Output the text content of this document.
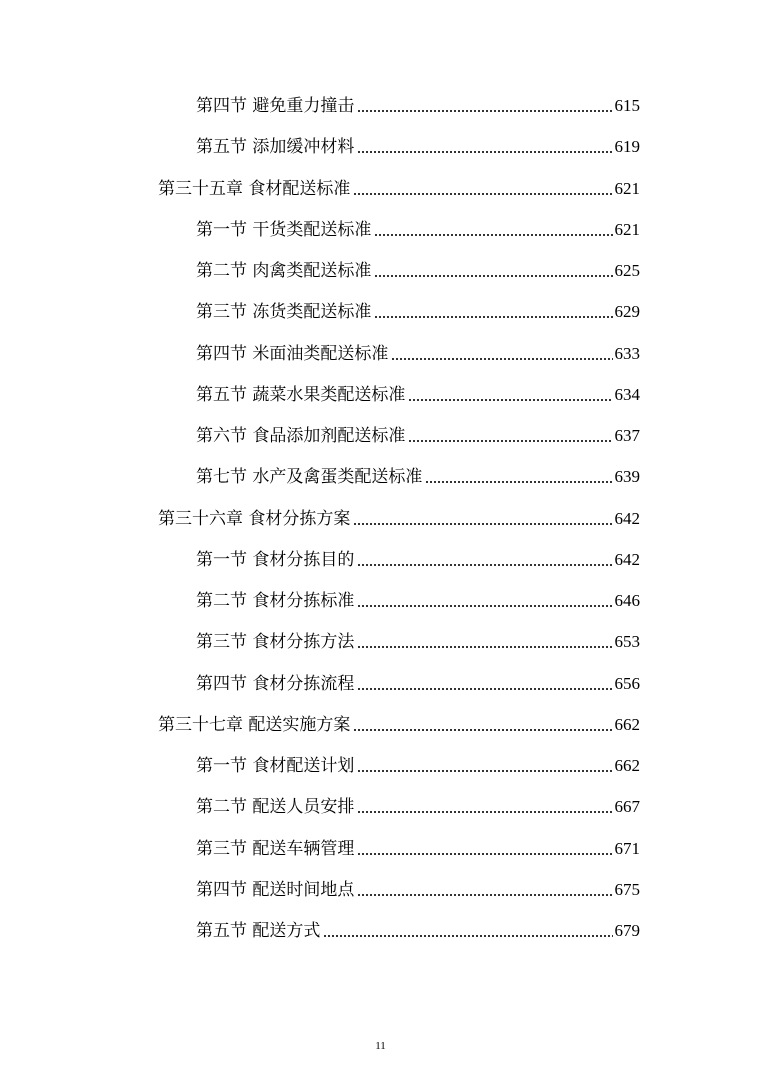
第四节 避免重力撞击	615
第五节 添加缓冲材料	619
第三十五章 食材配送标准	621
第一节 干货类配送标准	621
第二节 肉禽类配送标准	625
第三节 冻货类配送标准	629
第四节 米面油类配送标准	633
第五节 蔬菜水果类配送标准	634
第六节 食品添加剂配送标准	637
第七节 水产及禽蛋类配送标准	639
第三十六章 食材分拣方案	642
第一节 食材分拣目的	642
第二节 食材分拣标准	646
第三节 食材分拣方法	653
第四节 食材分拣流程	656
第三十七章 配送实施方案	662
第一节 食材配送计划	662
第二节 配送人员安排	667
第三节 配送车辆管理	671
第四节 配送时间地点	675
第五节 配送方式	679
11
